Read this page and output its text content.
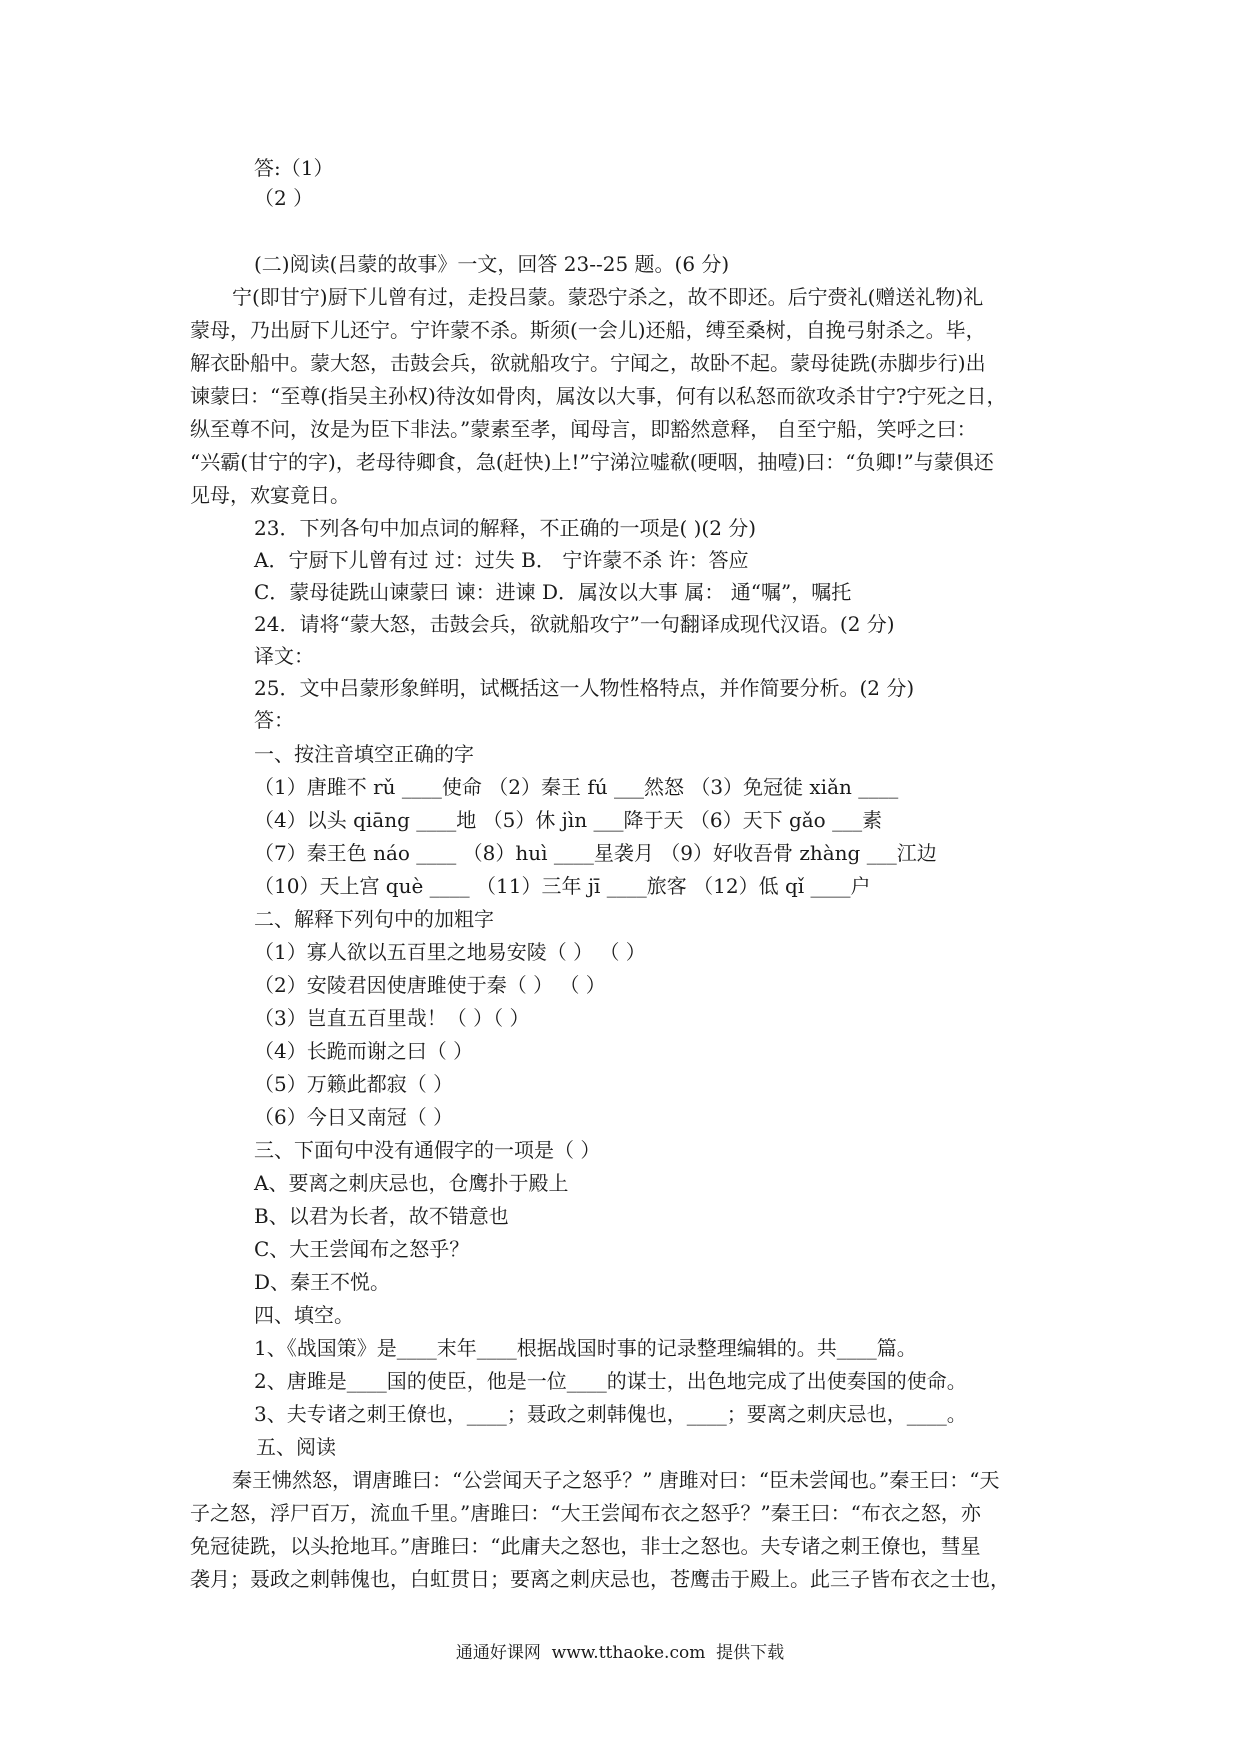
答:（1）
（2 ）
(二)阅读(吕蒙的故事》一文，回答 23--25 题。(6 分)
宁(即甘宁)厨下儿曾有过，走投吕蒙。蒙恐宁杀之，故不即还。后宁赍礼(赠送礼物)礼
蒙母，乃出厨下儿还宁。宁许蒙不杀。斯须(一会儿)还船，缚至桑树，自挽弓射杀之。毕，
解衣卧船中。蒙大怒，击鼓会兵，欲就船攻宁。宁闻之，故卧不起。蒙母徒跣(赤脚步行)出
谏蒙曰：“至尊(指吴主孙权)待汝如骨肉，属汝以大事，何有以私怒而欲攻杀甘宁?宁死之日，
纵至尊不问，汝是为臣下非法。”蒙素至孝，闻母言，即豁然意释， 自至宁船，笑呼之曰：
“兴霸(甘宁的字)，老母待卿食，急(赶快)上!”宁涕泣嘘欷(哽咽，抽噎)曰：“负卿!”与蒙俱还
见母，欢宴竟日。
23．下列各句中加点词的解释，不正确的一项是( )(2 分)
A．宁厨下儿曾有过 过：过失 B． 宁许蒙不杀 许：答应
C．蒙母徒跣山谏蒙曰 谏：进谏 D．属汝以大事 属： 通“嘱”，嘱托
24．请将“蒙大怒，击鼓会兵，欲就船攻宁”一句翻译成现代汉语。(2 分)
译文：
25．文中吕蒙形象鲜明，试概括这一人物性格特点，并作简要分析。(2 分)
答：
一、按注音填空正确的字
（1）唐雎不 rǔ ____使命 （2）秦王 fú ___然怒 （3）免冠徒 xiǎn ____
（4）以头 qiāng ____地 （5）休 jìn ___降于天 （6）天下 gǎo ___素
（7）秦王色 náo ____ （8）huì ____星袭月 （9）好收吾骨 zhàng ___江边
（10）天上宫 què ____ （11）三年 jī ____旅客 （12）低 qǐ ____户
二、解释下列句中的加粗字
（1）寡人欲以五百里之地易安陵（ ） （ ）
（2）安陵君因使唐雎使于秦（ ） （ ）
（3）岂直五百里哉！（ ）（ ）
（4）长跪而谢之曰（ ）
（5）万籁此都寂（ ）
（6）今日又南冠（ ）
三、下面句中没有通假字的一项是（ ）
A、要离之刺庆忌也，仓鹰扑于殿上
B、以君为长者，故不错意也
C、大王尝闻布之怒乎？
D、秦王不悦。
四、填空。
1、《战国策》是____末年____根据战国时事的记录整理编辑的。共____篇。
2、唐雎是____国的使臣，他是一位____的谋士，出色地完成了出使奏国的使命。
3、夫专诸之刺王僚也，____；聂政之刺韩傀也，____；要离之刺庆忌也，____。
五、阅读
秦王怫然怒，谓唐雎曰：“公尝闻天子之怒乎？” 唐雎对曰：“臣未尝闻也。”秦王曰：“天
子之怒，浮尸百万，流血千里。”唐雎曰：“大王尝闻布衣之怒乎？”秦王曰：“布衣之怒，亦
免冠徒跣，以头抢地耳。”唐雎曰：“此庸夫之怒也，非士之怒也。夫专诸之刺王僚也，彗星
袭月；聂政之刺韩傀也，白虹贯日；要离之刺庆忌也，苍鹰击于殿上。此三子皆布衣之士也，
通通好课网  www.tthaoke.com  提供下载
